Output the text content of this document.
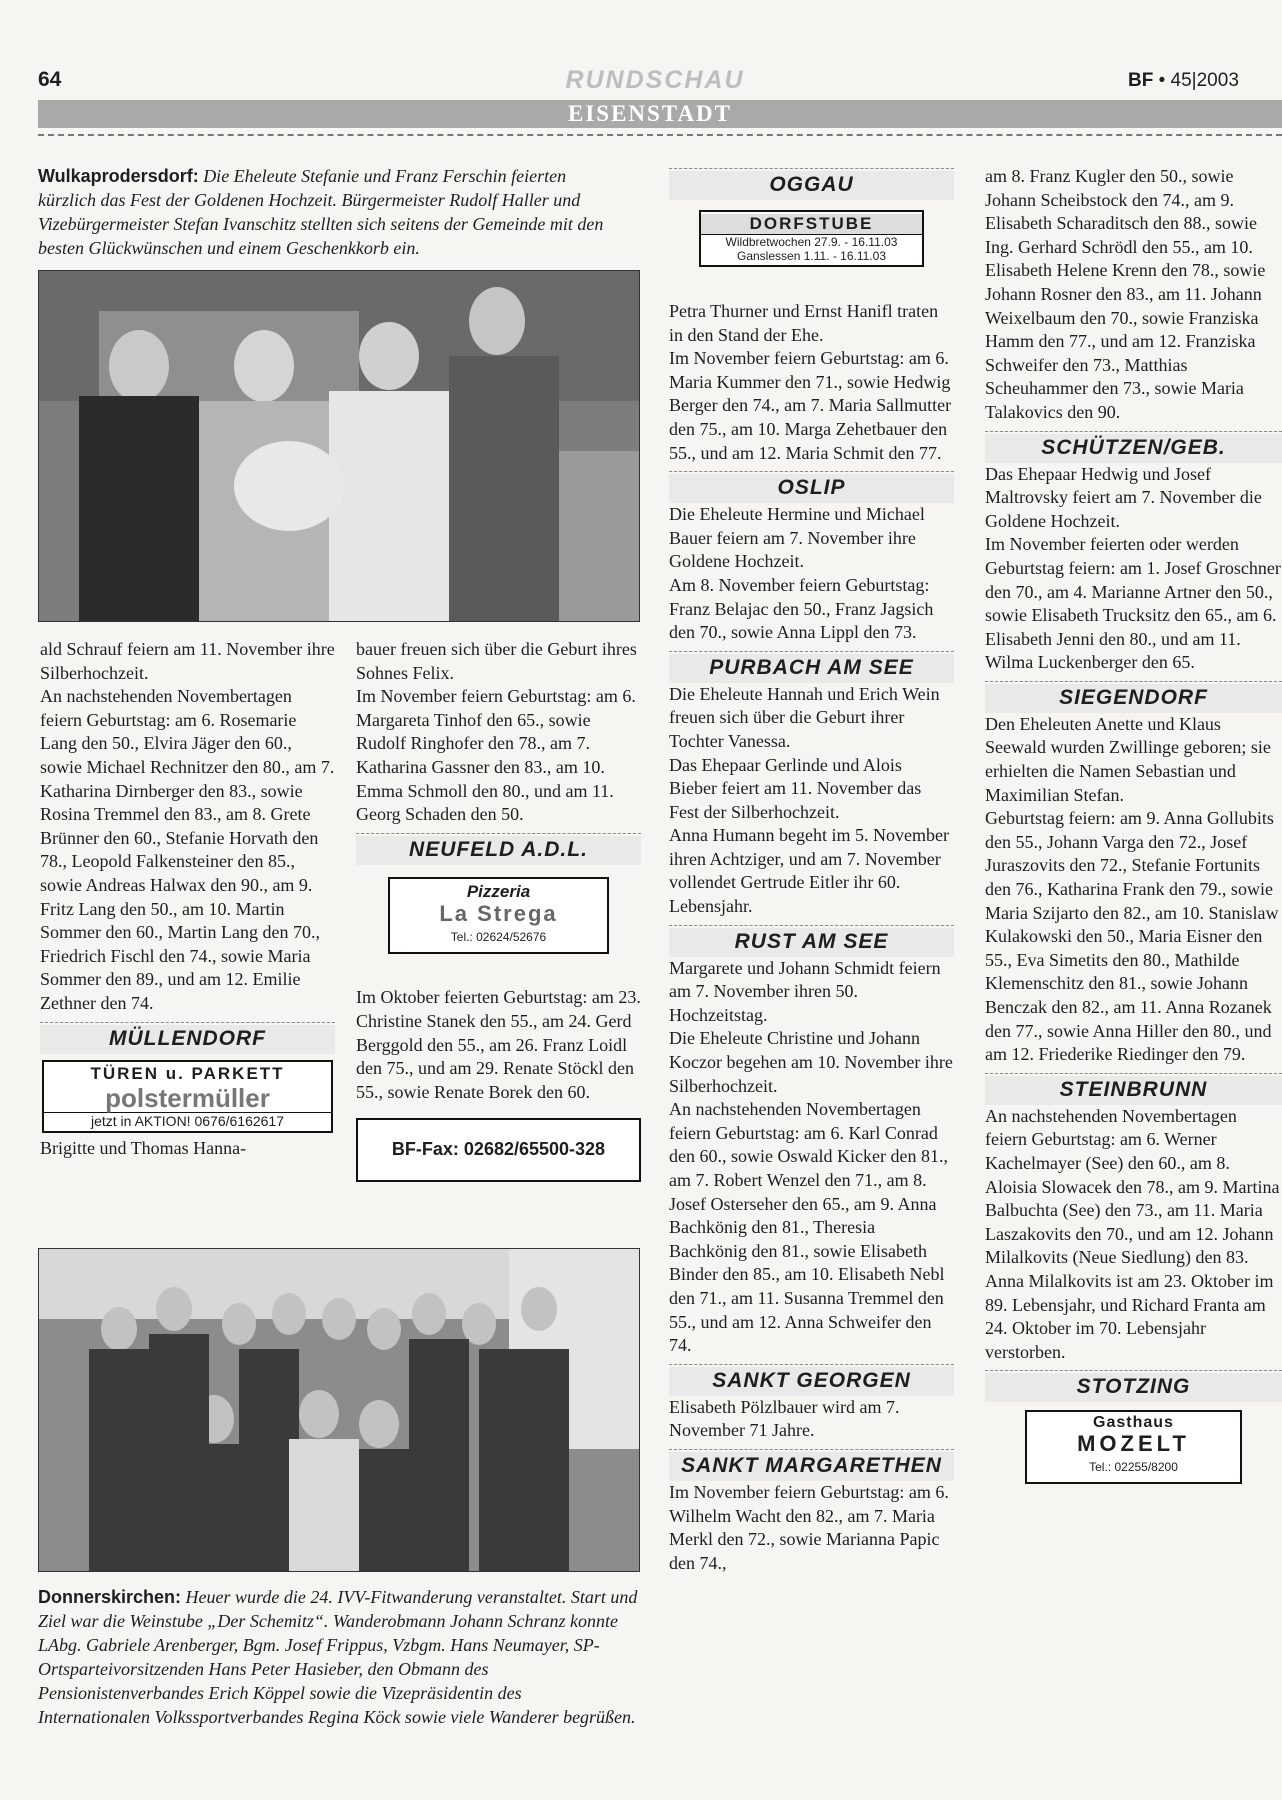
64	RUNDSCHAU	BF • 45|2003
EISENSTADT
Wulkaprodersdorf: Die Eheleute Stefanie und Franz Ferschin feierten kürzlich das Fest der Goldenen Hochzeit. Bürgermeister Rudolf Haller und Vizebürgermeister Stefan Ivanschitz stellten sich seitens der Gemeinde mit den besten Glückwünschen und einem Geschenkkorb ein.

ald Schrauf feiern am 11. November ihre Silberhochzeit.

An nachstehenden Novembertagen feiern Geburtstag: am 6. Rosemarie Lang den 50., Elvira Jäger den 60., sowie Michael Rechnitzer den 80., am 7. Katharina Dirnberger den 83., sowie Rosina Tremmel den 83., am 8. Grete Brünner den 60., Stefanie Horvath den 78., Leopold Falkensteiner den 85., sowie Andreas Halwax den 90., am 9. Fritz Lang den 50., am 10. Martin Sommer den 60., Martin Lang den 70., Friedrich Fischl den 74., sowie Maria Sommer den 89., und am 12. Emilie Zethner den 74.

MÜLLENDORF
TÜREN u. PARKETT
polstermüller
jetzt in AKTION! 0676/6162617

Brigitte und Thomas Hanna-

bauer freuen sich über die Geburt ihres Sohnes Felix.

Im November feiern Geburtstag: am 6. Margareta Tinhof den 65., sowie Rudolf Ringhofer den 78., am 7. Katharina Gassner den 83., am 10. Emma Schmoll den 80., und am 11. Georg Schaden den 50.

NEUFELD A.D.L.
Pizzeria
La Strega
Tel.: 02624/52676

Im Oktober feierten Geburtstag: am 23. Christine Stanek den 55., am 24. Gerd Berggold den 55., am 26. Franz Loidl den 75., und am 29. Renate Stöckl den 55., sowie Renate Borek den 60.

BF-Fax: 02682/65500-328
OGGAU
DORFSTUBE
Wildbretwochen 27.9. - 16.11.03
Ganslessen 1.11. - 16.11.03

Petra Thurner und Ernst Hanifl traten in den Stand der Ehe.

Im November feiern Geburtstag: am 6. Maria Kummer den 71., sowie Hedwig Berger den 74., am 7. Maria Sallmutter den 75., am 10. Marga Zehetbauer den 55., und am 12. Maria Schmit den 77.

OSLIP

Die Eheleute Hermine und Michael Bauer feiern am 7. November ihre Goldene Hochzeit.

Am 8. November feiern Geburtstag: Franz Belajac den 50., Franz Jagsich den 70., sowie Anna Lippl den 73.

PURBACH AM SEE

Die Eheleute Hannah und Erich Wein freuen sich über die Geburt ihrer Tochter Vanessa.

Das Ehepaar Gerlinde und Alois Bieber feiert am 11. November das Fest der Silberhochzeit.

Anna Humann begeht im 5. November ihren Achtziger, und am 7. November vollendet Gertrude Eitler ihr 60. Lebensjahr.

RUST AM SEE

Margarete und Johann Schmidt feiern am 7. November ihren 50. Hochzeitstag.

Die Eheleute Christine und Johann Koczor begehen am 10. November ihre Silberhochzeit.

An nachstehenden Novembertagen feiern Geburtstag: am 6. Karl Conrad den 60., sowie Oswald Kicker den 81., am 7. Robert Wenzel den 71., am 8. Josef Osterseher den 65., am 9. Anna Bachkönig den 81., Theresia Bachkönig den 81., sowie Elisabeth Binder den 85., am 10. Elisabeth Nebl den 71., am 11. Susanna Tremmel den 55., und am 12. Anna Schweifer den 74.

SANKT GEORGEN

Elisabeth Pölzlbauer wird am 7. November 71 Jahre.

SANKT MARGARETHEN

Im November feiern Geburtstag: am 6. Wilhelm Wacht den 82., am 7. Maria Merkl den 72., sowie Marianna Papic den 74.,

am 8. Franz Kugler den 50., sowie Johann Scheibstock den 74., am 9. Elisabeth Scharaditsch den 88., sowie Ing. Gerhard Schrödl den 55., am 10. Elisabeth Helene Krenn den 78., sowie Johann Rosner den 83., am 11. Johann Weixelbaum den 70., sowie Franziska Hamm den 77., und am 12. Franziska Schweifer den 73., Matthias Scheuhammer den 73., sowie Maria Talakovics den 90.

SCHÜTZEN/GEB.

Das Ehepaar Hedwig und Josef Maltrovsky feiert am 7. November die Goldene Hochzeit.

Im November feierten oder werden Geburtstag feiern: am 1. Josef Groschner den 70., am 4. Marianne Artner den 50., sowie Elisabeth Trucksitz den 65., am 6. Elisabeth Jenni den 80., und am 11. Wilma Luckenberger den 65.

SIEGENDORF

Den Eheleuten Anette und Klaus Seewald wurden Zwillinge geboren; sie erhielten die Namen Sebastian und Maximilian Stefan.

Geburtstag feiern: am 9. Anna Gollubits den 55., Johann Varga den 72., Josef Juraszovits den 72., Stefanie Fortunits den 76., Katharina Frank den 79., sowie Maria Szijarto den 82., am 10. Stanislaw Kulakowski den 50., Maria Eisner den 55., Eva Simetits den 80., Mathilde Klemenschitz den 81., sowie Johann Benczak den 82., am 11. Anna Rozanek den 77., sowie Anna Hiller den 80., und am 12. Friederike Riedinger den 79.

STEINBRUNN

An nachstehenden Novembertagen feiern Geburtstag: am 6. Werner Kachelmayer (See) den 60., am 8. Aloisia Slowacek den 78., am 9. Martina Balbuchta (See) den 73., am 11. Maria Laszakovits den 70., und am 12. Johann Milalkovits (Neue Siedlung) den 83.

Anna Milalkovits ist am 23. Oktober im 89. Lebensjahr, und Richard Franta am 24. Oktober im 70. Lebensjahr verstorben.

STOTZING
Gasthaus
MOZELT
Tel.: 02255/8200
Donnerskirchen: Heuer wurde die 24. IVV-Fitwanderung veranstaltet. Start und Ziel war die Weinstube „Der Schemitz“. Wanderobmann Johann Schranz konnte LAbg. Gabriele Arenberger, Bgm. Josef Frippus, Vzbgm. Hans Neumayer, SP-Ortsparteivorsitzenden Hans Peter Hasieber, den Obmann des Pensionistenverbandes Erich Köppel sowie die Vizepräsidentin des Internationalen Volkssportverbandes Regina Köck sowie viele Wanderer begrüßen.
